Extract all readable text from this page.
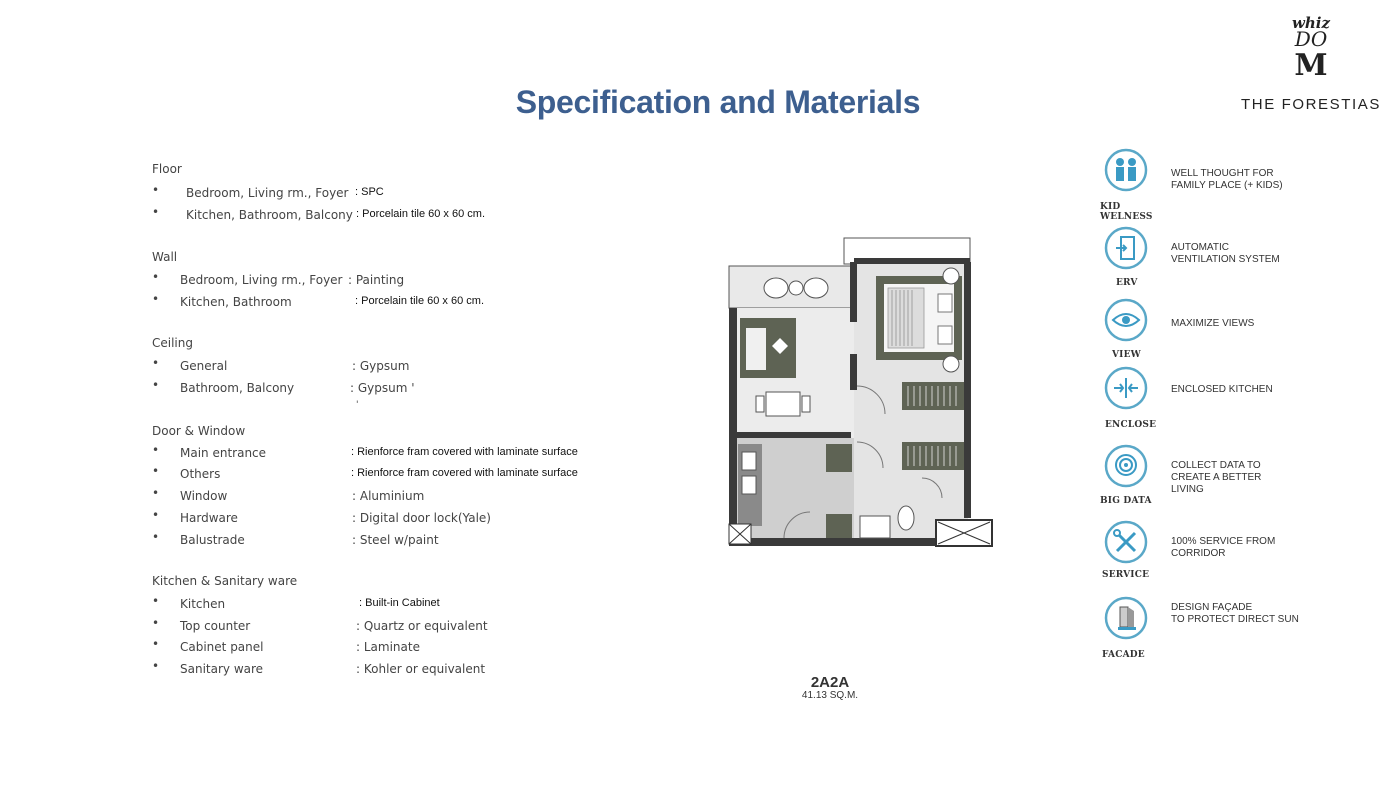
Specification and Materials
whiz
DO
M
THE FORESTIAS
Floor
• Bedroom, Living rm., Foyer : SPC
• Kitchen, Bathroom, Balcony : Porcelain tile 60 x 60 cm.
Wall
• Bedroom, Living rm., Foyer : Painting
• Kitchen, Bathroom	: Porcelain tile 60 x 60 cm.
Ceiling
• General	: Gypsum
• Bathroom, Balcony	: Gypsum '
'
Door & Window
• Main entrance	: Rienforce fram covered with laminate surface
• Others	: Rienforce fram covered with laminate surface
• Window	: Aluminium
• Hardware	: Digital door lock(Yale)
• Balustrade	: Steel w/paint
Kitchen & Sanitary ware
• Kitchen	: Built-in Cabinet
• Top counter	: Quartz or equivalent
• Cabinet panel	: Laminate
• Sanitary ware	: Kohler or equivalent
2A2A
41.13 SQ.M.
KID WELNESS
WELL THOUGHT FOR
FAMILY PLACE (+ KIDS)
ERV
AUTOMATIC
VENTILATION SYSTEM
VIEW
MAXIMIZE VIEWS
ENCLOSE
ENCLOSED KITCHEN
BIG DATA
COLLECT DATA TO
CREATE A BETTER
LIVING
SERVICE
100% SERVICE FROM
CORRIDOR
FACADE
DESIGN FAÇADE
TO PROTECT DIRECT SUN
